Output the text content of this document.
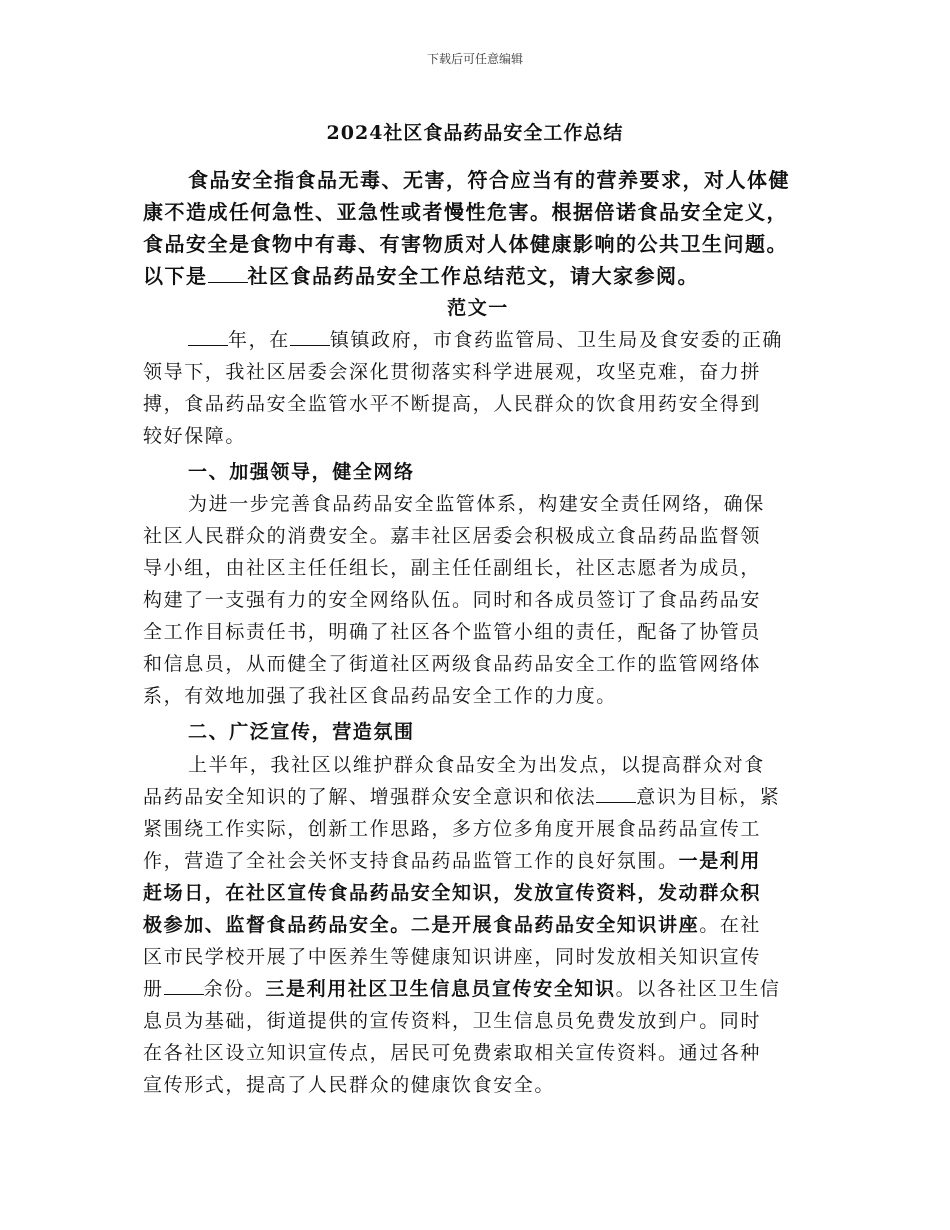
下载后可任意编辑
2024社区食品药品安全工作总结
食品安全指食品无毒、无害，符合应当有的营养要求，对人体健
康不造成任何急性、亚急性或者慢性危害。根据倍诺食品安全定义，
食品安全是食物中有毒、有害物质对人体健康影响的公共卫生问题。
以下是 社区食品药品安全工作总结范文，请大家参阅。
范文一
年，在 镇镇政府，市食药监管局、卫生局及食安委的正确
领导下，我社区居委会深化贯彻落实科学进展观，攻坚克难，奋力拼
搏，食品药品安全监管水平不断提高，人民群众的饮食用药安全得到
较好保障。
一、加强领导，健全网络
为进一步完善食品药品安全监管体系，构建安全责任网络，确保
社区人民群众的消费安全。嘉丰社区居委会积极成立食品药品监督领
导小组，由社区主任任组长，副主任任副组长，社区志愿者为成员，
构建了一支强有力的安全网络队伍。同时和各成员签订了食品药品安
全工作目标责任书，明确了社区各个监管小组的责任，配备了协管员
和信息员，从而健全了街道社区两级食品药品安全工作的监管网络体
系，有效地加强了我社区食品药品安全工作的力度。
二、广泛宣传，营造氛围
上半年，我社区以维护群众食品安全为出发点，以提高群众对食
品药品安全知识的了解、增强群众安全意识和依法 意识为目标，紧
紧围绕工作实际，创新工作思路，多方位多角度开展食品药品宣传工
作，营造了全社会关怀支持食品药品监管工作的良好氛围。一是利用
赶场日，在社区宣传食品药品安全知识，发放宣传资料，发动群众积
极参加、监督食品药品安全。二是开展食品药品安全知识讲座。在社
区市民学校开展了中医养生等健康知识讲座，同时发放相关知识宣传
册 余份。三是利用社区卫生信息员宣传安全知识。以各社区卫生信
息员为基础，街道提供的宣传资料，卫生信息员免费发放到户。同时
在各社区设立知识宣传点，居民可免费索取相关宣传资料。通过各种
宣传形式，提高了人民群众的健康饮食安全。
